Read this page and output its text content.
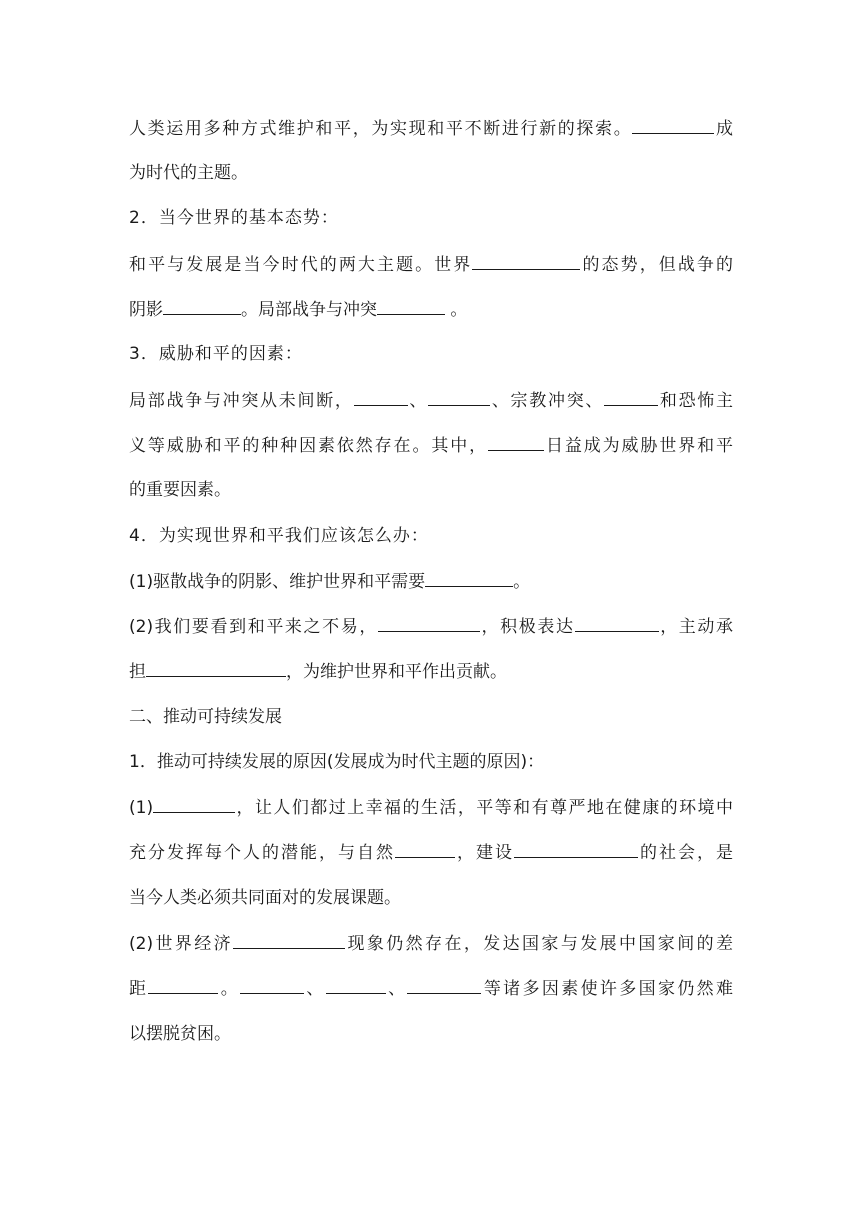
人类运用多种方式维护和平，为实现和平不断进行新的探索。	成
为时代的主题。
2．当今世界的基本态势：
和平与发展是当今时代的两大主题。世界	的态势，但战争的
阴影	。局部战争与冲突	。
3．威胁和平的因素：
局部战争与冲突从未间断，	、	、宗教冲突、	和恐怖主
义等威胁和平的种种因素依然存在。其中，	日益成为威胁世界和平
的重要因素。
4．为实现世界和平我们应该怎么办：
(1)驱散战争的阴影、维护世界和平需要	。
(2)我们要看到和平来之不易，	，积极表达	，主动承
担	，为维护世界和平作出贡献。
二、推动可持续发展
1．推动可持续发展的原因(发展成为时代主题的原因)：
(1)	，让人们都过上幸福的生活，平等和有尊严地在健康的环境中
充分发挥每个人的潜能，与自然	，建设	的社会，是
当今人类必须共同面对的发展课题。
(2)世界经济	现象仍然存在，发达国家与发展中国家间的差
距	。	、	、	等诸多因素使许多国家仍然难
以摆脱贫困。
